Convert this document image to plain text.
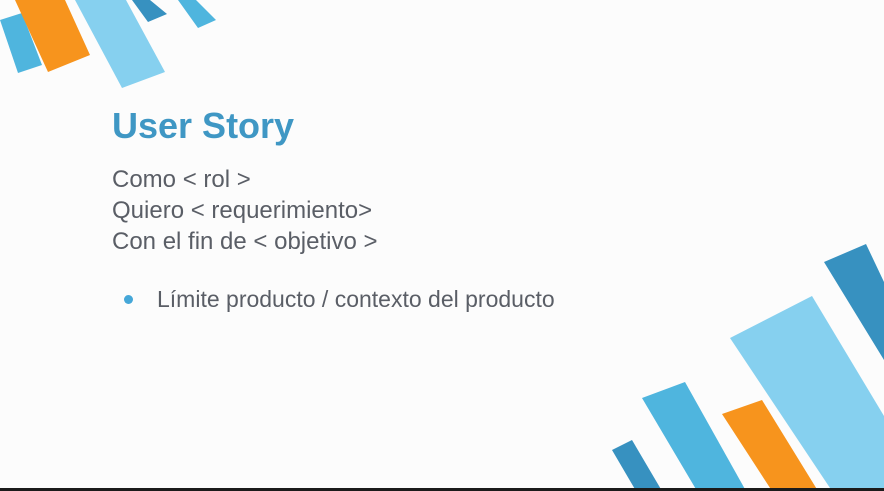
User Story
Como < rol >
Quiero < requerimiento>
Con el fin de < objetivo >
Límite producto / contexto del producto
